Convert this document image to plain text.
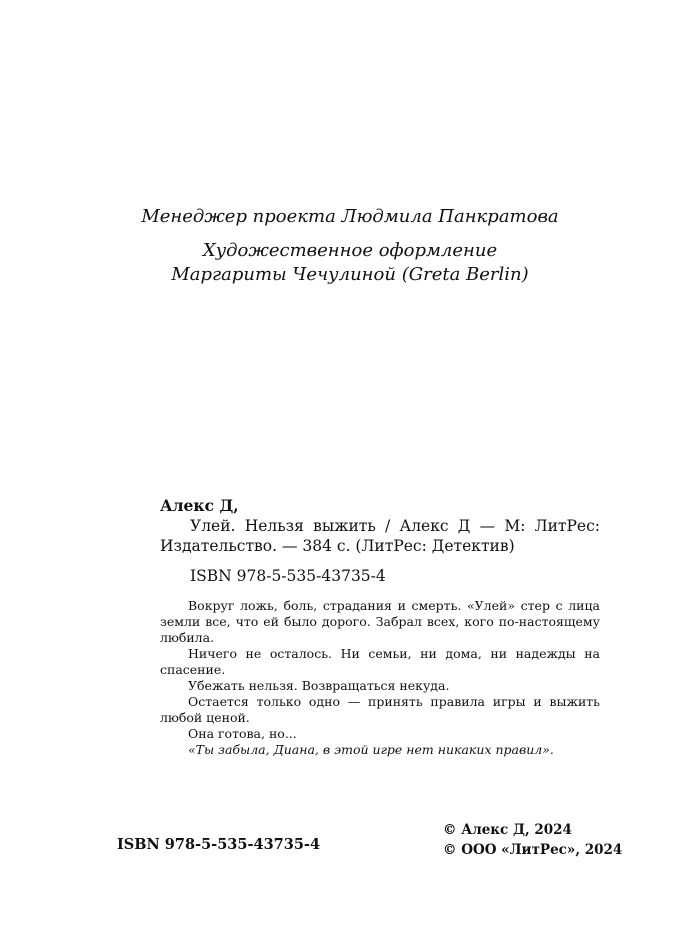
Менеджер проекта Людмила Панкратова
Художественное оформление
Маргариты Чечулиной (Greta Berlin)
Алекс Д,
Улей. Нельзя выжить / Алекс Д — М: ЛитРес: Издательство. — 384 с. (ЛитРес: Детектив)
ISBN 978-5-535-43735-4

Вокруг ложь, боль, страдания и смерть. «Улей» стер с лица земли все, что ей было дорого. Забрал всех, кого по-настоящему любила.

Ничего не осталось. Ни семьи, ни дома, ни надежды на спасение.

Убежать нельзя. Возвращаться некуда.

Остается только одно — принять правила игры и выжить любой ценой.

Она готова, но...

«Ты забыла, Диана, в этой игре нет никаких правил».

ISBN 978-5-535-43735-4
© Алекс Д, 2024
© ООО «ЛитРес», 2024
